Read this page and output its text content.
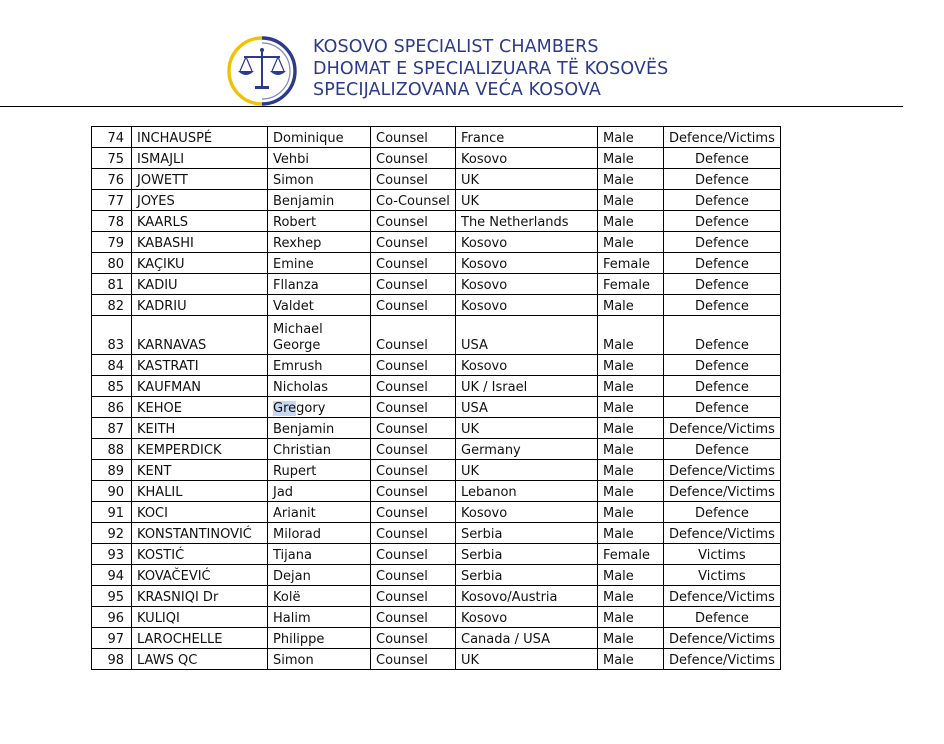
KOSOVO SPECIALIST CHAMBERS
DHOMAT E SPECIALIZUARA TË KOSOVËS
SPECIJALIZOVANA VEĆA KOSOVA
74	INCHAUSPÉ	Dominique	Counsel	France	Male	Defence/Victims
75	ISMAJLI	Vehbi	Counsel	Kosovo	Male	Defence
76	JOWETT	Simon	Counsel	UK	Male	Defence
77	JOYES	Benjamin	Co-Counsel	UK	Male	Defence
78	KAARLS	Robert	Counsel	The Netherlands	Male	Defence
79	KABASHI	Rexhep	Counsel	Kosovo	Male	Defence
80	KAÇIKU	Emine	Counsel	Kosovo	Female	Defence
81	KADIU	Fllanza	Counsel	Kosovo	Female	Defence
82	KADRIU	Valdet	Counsel	Kosovo	Male	Defence
83	KARNAVAS	Michael George	Counsel	USA	Male	Defence
84	KASTRATI	Emrush	Counsel	Kosovo	Male	Defence
85	KAUFMAN	Nicholas	Counsel	UK / Israel	Male	Defence
86	KEHOE	Gregory	Counsel	USA	Male	Defence
87	KEITH	Benjamin	Counsel	UK	Male	Defence/Victims
88	KEMPERDICK	Christian	Counsel	Germany	Male	Defence
89	KENT	Rupert	Counsel	UK	Male	Defence/Victims
90	KHALIL	Jad	Counsel	Lebanon	Male	Defence/Victims
91	KOCI	Arianit	Counsel	Kosovo	Male	Defence
92	KONSTANTINOVIĆ	Milorad	Counsel	Serbia	Male	Defence/Victims
93	KOSTIĆ	Tijana	Counsel	Serbia	Female	Victims
94	KOVAČEVIĆ	Dejan	Counsel	Serbia	Male	Victims
95	KRASNIQI Dr	Kolë	Counsel	Kosovo/Austria	Male	Defence/Victims
96	KULIQI	Halim	Counsel	Kosovo	Male	Defence
97	LAROCHELLE	Philippe	Counsel	Canada / USA	Male	Defence/Victims
98	LAWS QC	Simon	Counsel	UK	Male	Defence/Victims
